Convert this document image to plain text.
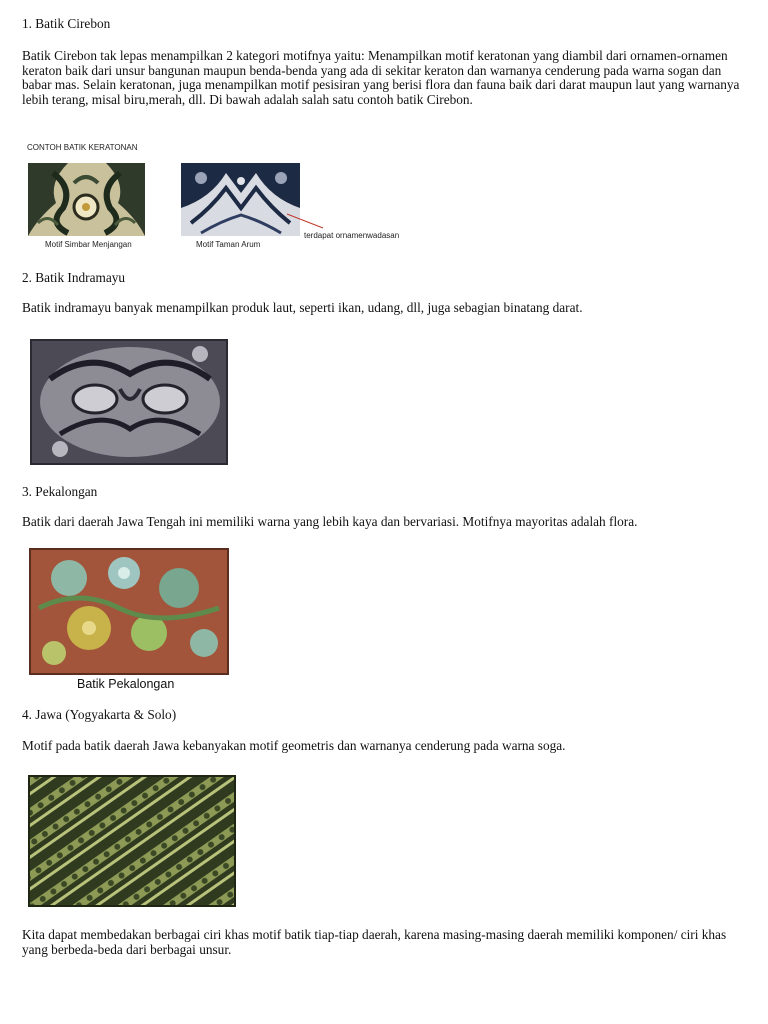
1. Batik Cirebon

Batik Cirebon tak lepas menampilkan 2 kategori motifnya yaitu: Menampilkan motif keratonan yang diambil dari ornamen-ornamen keraton baik dari unsur bangunan maupun benda-benda yang ada di sekitar keraton dan warnanya cenderung pada warna sogan dan babar mas. Selain keratonan, juga menampilkan motif pesisiran yang berisi flora dan fauna baik dari darat maupun laut yang warnanya lebih terang, misal biru,merah, dll. Di bawah adalah salah satu contoh batik Cirebon.

CONTOH BATIK KERATONAN
Motif Simbar Menjangan
terdapat ornamenwadasan
Motif Taman Arum

2. Batik Indramayu

Batik indramayu banyak menampilkan produk laut, seperti ikan, udang, dll, juga sebagian binatang darat.

3. Pekalongan

Batik dari daerah Jawa Tengah ini memiliki warna yang lebih kaya dan bervariasi. Motifnya mayoritas adalah flora.

Batik Pekalongan

4. Jawa (Yogyakarta & Solo)

Motif pada batik daerah Jawa kebanyakan motif geometris dan warnanya cenderung pada warna soga.

Kita dapat membedakan berbagai ciri khas motif batik tiap-tiap daerah, karena masing-masing daerah memiliki komponen/ ciri khas yang berbeda-beda dari berbagai unsur.
